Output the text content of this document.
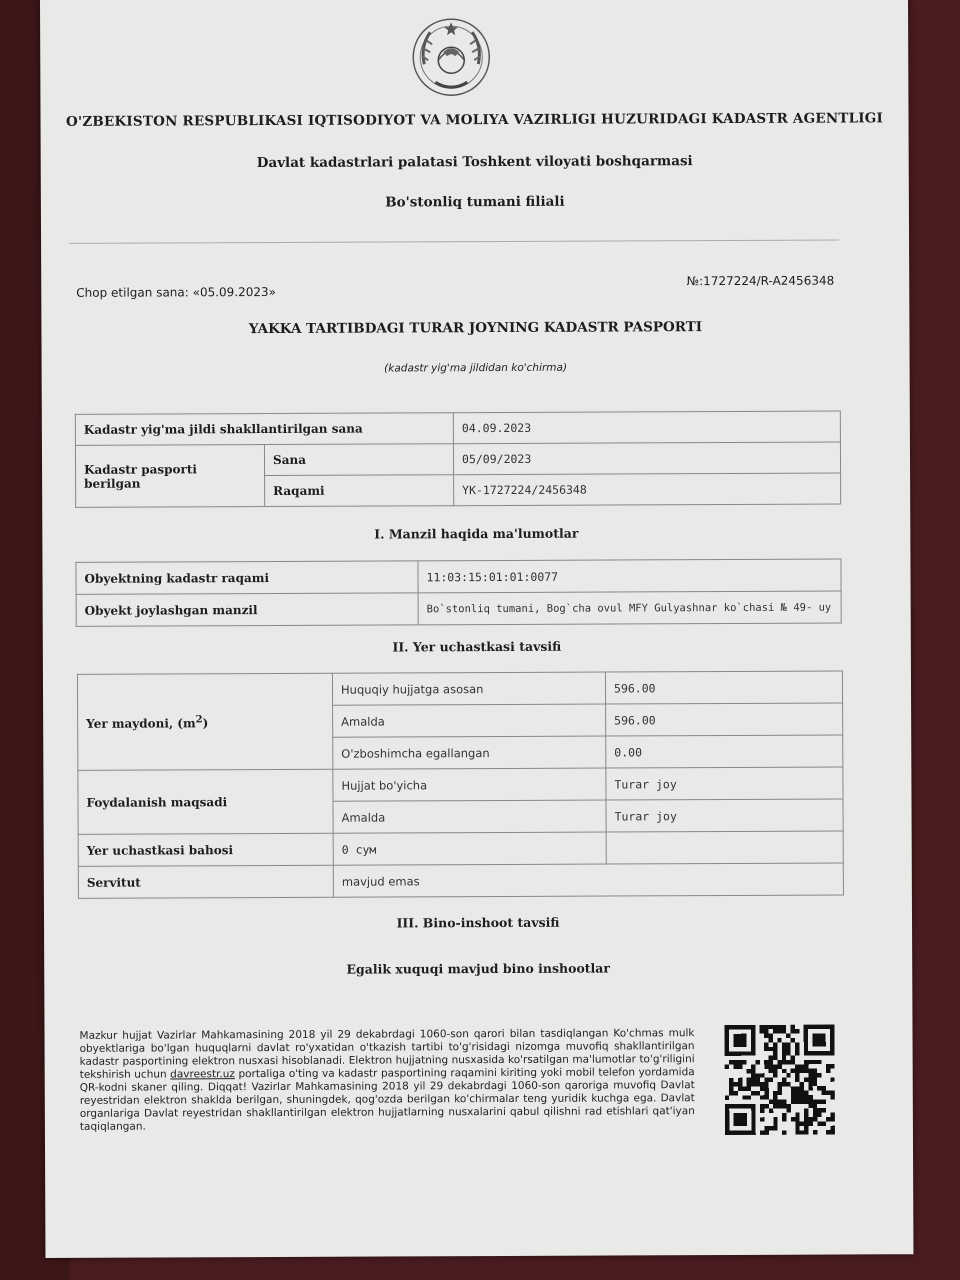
O'ZBEKISTON RESPUBLIKASI IQTISODIYOT VA MOLIYA VAZIRLIGI HUZURIDAGI KADASTR AGENTLIGI
Davlat kadastrlari palatasi Toshkent viloyati boshqarmasi
Bo'stonliq tumani filiali
Chop etilgan sana: «05.09.2023»
№:1727224/R-A2456348
YAKKA TARTIBDAGI TURAR JOYNING KADASTR PASPORTI
(kadastr yig'ma jildidan ko'chirma)
Kadastr yig'ma jildi shakllantirilgan sana		04.09.2023
Kadastr pasporti berilgan	Sana	05/09/2023
	Raqami	YK-1727224/2456348
I. Manzil haqida ma'lumotlar
Obyektning kadastr raqami	11:03:15:01:01:0077
Obyekt joylashgan manzil	Bo`stonliq tumani, Bog`cha ovul MFY Gulyashnar ko`chasi № 49- uy
II. Yer uchastkasi tavsifi
Yer maydoni, $(m^2)$	Huquqiy hujjatga asosan	596.00
	Amalda	596.00
	O'zboshimcha egallangan	0.00
Foydalanish maqsadi	Hujjat bo'yicha	Turar joy
	Amalda	Turar joy
Yer uchastkasi bahosi	0 сум	
Servitut	mavjud emas	
III. Bino-inshoot tavsifi
Egalik xuquqi mavjud bino inshootlar
Mazkur hujjat Vazirlar Mahkamasining 2018 yil 29 dekabrdagi 1060-son qarori bilan tasdiqlangan Ko'chmas mulk obyektlariga bo'lgan huquqlarni davlat ro'yxatidan o'tkazish tartibi to'g'risidagi nizomga muvofiq shakllantirilgan kadastr pasportining elektron nusxasi hisoblanadi. Elektron hujjatning nusxasida ko'rsatilgan ma'lumotlar to'g'riligini tekshirish uchun davreestr.uz portaliga o'ting va kadastr pasportining raqamini kiriting yoki mobil telefon yordamida QR-kodni skaner qiling. Diqqat! Vazirlar Mahkamasining 2018 yil 29 dekabrdagi 1060-son qaroriga muvofiq Davlat reyestridan elektron shaklda berilgan, shuningdek, qog'ozda berilgan ko'chirmalar teng yuridik kuchga ega. Davlat organlariga Davlat reyestridan shakllantirilgan elektron hujjatlarning nusxalarini qabul qilishni rad etishlari qat'iyan taqiqlangan.
